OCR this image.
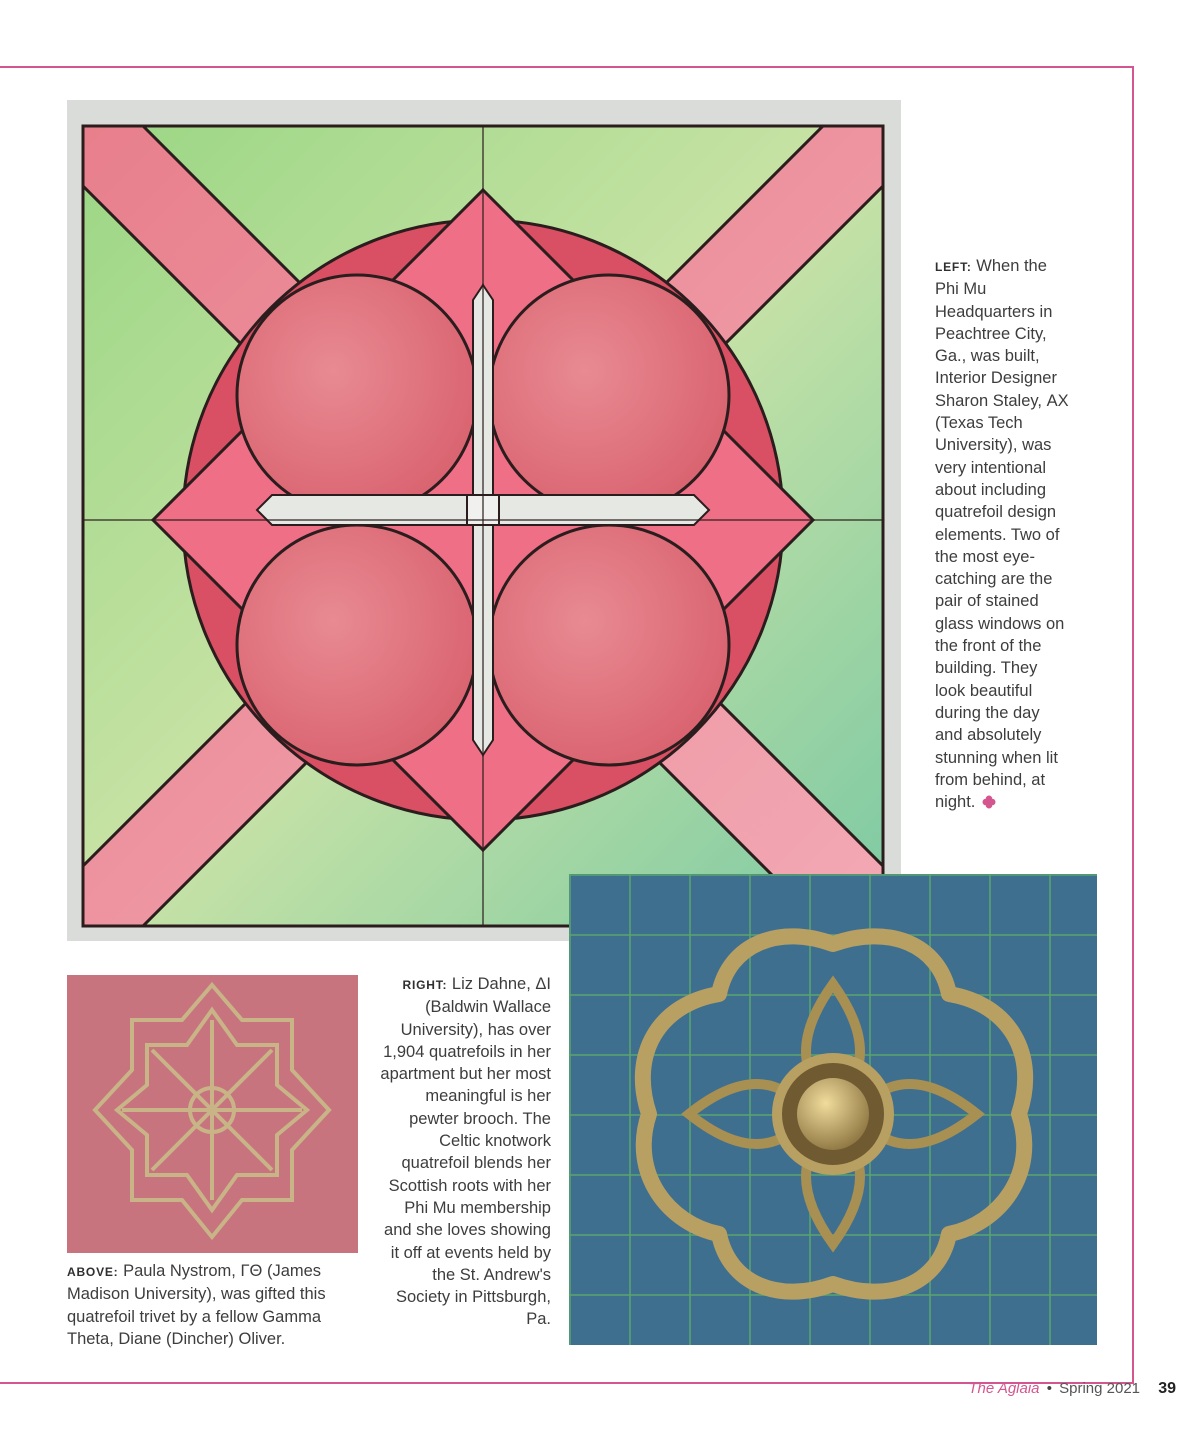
LEFT: When the Phi Mu Headquarters in Peachtree City, Ga., was built, Interior Designer Sharon Staley, ΑΧ (Texas Tech University), was very intentional about including quatrefoil design elements. Two of the most eye-catching are the pair of stained glass windows on the front of the building. They look beautiful during the day and absolutely stunning when lit from behind, at night.
ABOVE: Paula Nystrom, ΓΘ (James Madison University), was gifted this quatrefoil trivet by a fellow Gamma Theta, Diane (Dincher) Oliver.
RIGHT: Liz Dahne, ΔΙ (Baldwin Wallace University), has over 1,904 quatrefoils in her apartment but her most meaningful is her pewter brooch. The Celtic knotwork quatrefoil blends her Scottish roots with her Phi Mu membership and she loves showing it off at events held by the St. Andrew's Society in Pittsburgh, Pa.
The Aglaia • Spring 2021 39
